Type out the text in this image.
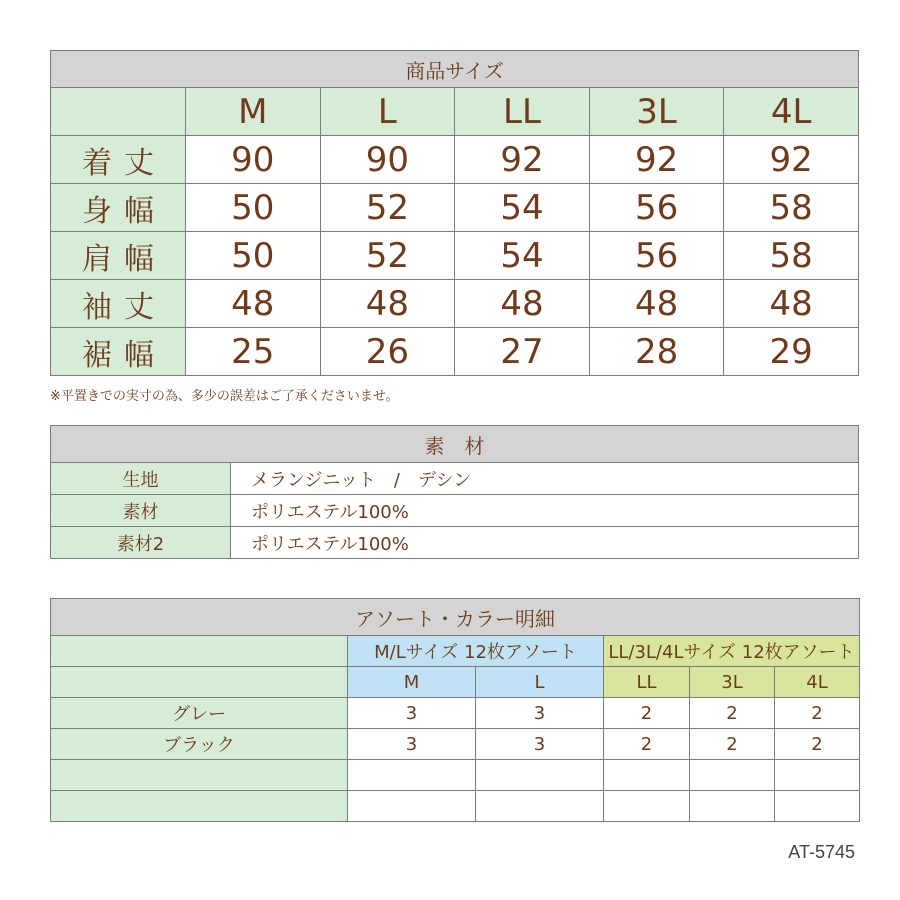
商品サイズ					
	M	L	LL	3L	4L
着丈	90	90	92	92	92
身幅	50	52	54	56	58
肩幅	50	52	54	56	58
袖丈	48	48	48	48	48
裾幅	25	26	27	28	29
※平置きでの実寸の為、多少の誤差はご了承くださいませ。
素　材	
生地	メランジニット　/　デシン
素材	ポリエステル100%
素材2	ポリエステル100%
アソート・カラー明細					
	M/Lサイズ 12枚アソート		LL/3L/4Lサイズ 12枚アソート		
	M	L	LL	3L	4L
グレー	3	3	2	2	2
ブラック	3	3	2	2	2

AT-5745
